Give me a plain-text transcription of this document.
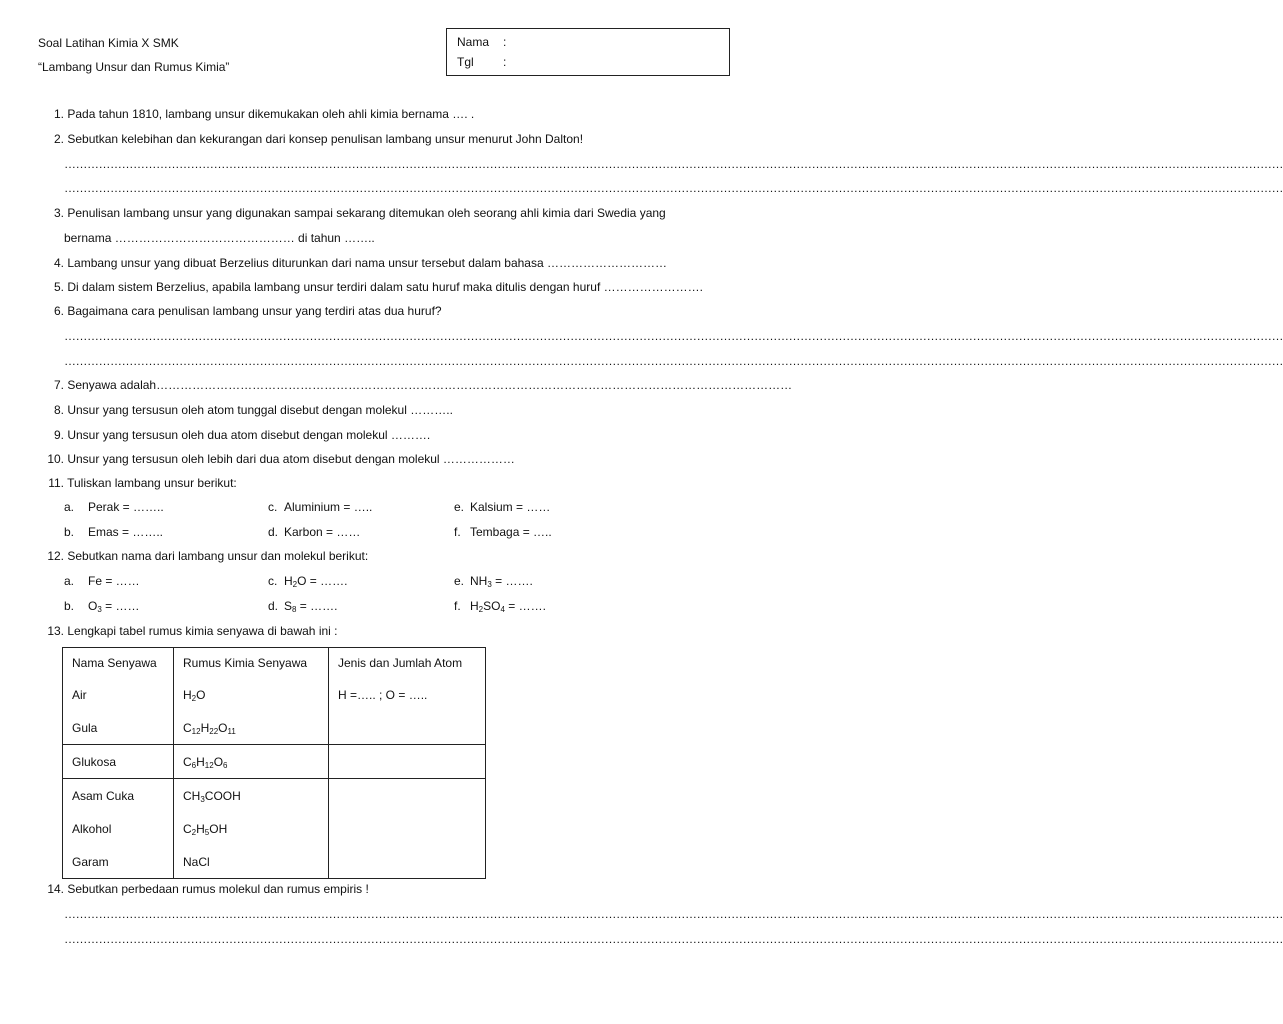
Soal Latihan Kimia X SMK
“Lambang Unsur dan Rumus Kimia”
Nama	:
Tgl	:
1. Pada tahun 1810, lambang unsur dikemukakan oleh ahli kimia bernama …. .
2. Sebutkan kelebihan dan kekurangan dari konsep penulisan lambang unsur menurut John Dalton!
…………………………………………………………………………………………………………………………………………………………………………………………………………………………………………………………………………………………
…………………………………………………………………………………………………………………………………………………………………………………………………………………………………………………………………………………………
3. Penulisan lambang unsur yang digunakan sampai sekarang ditemukan oleh seorang ahli kimia dari Swedia yang
bernama ……………………………………… di tahun ……..
4. Lambang unsur yang dibuat Berzelius diturunkan dari nama unsur tersebut dalam bahasa …………………………
5. Di dalam sistem Berzelius, apabila lambang unsur terdiri dalam satu huruf maka ditulis dengan huruf …………………….
6. Bagaimana cara penulisan lambang unsur yang terdiri atas dua huruf?
…………………………………………………………………………………………………………………………………………………………………………………………………………………………………………………………………………………………
…………………………………………………………………………………………………………………………………………………………………………………………………………………………………………………………………………………………
7. Senyawa adalah……………………………………………………………………………………………………………………………………………
8. Unsur yang tersusun oleh atom tunggal disebut dengan molekul ………..
9. Unsur yang tersusun oleh dua atom disebut dengan molekul ……….
10. Unsur yang tersusun oleh lebih dari dua atom disebut dengan molekul ………………
11. Tuliskan lambang unsur berikut:
a. Perak = ……..
b. Emas = ……..
c. Aluminium = …..
d. Karbon = ……
e. Kalsium = ……
f. Tembaga = …..
12. Sebutkan nama dari lambang unsur dan molekul berikut:
a. Fe = ……
b. $O_3$ = ……
c. $H_2O$ = …….
d. $S_8$ = …….
e. $NH_3$ = …….
f. $H_2SO_4$ = …….
13. Lengkapi tabel rumus kimia senyawa di bawah ini :
Nama Senyawa	Rumus Kimia Senyawa	Jenis dan Jumlah Atom
Air	$H_2O$	H =….. ; O = …..
Gula	$C_{12}H_{22}O_{11}$	
Glukosa	$C_6H_{12}O_6$	
Asam Cuka	$CH_3COOH$	
Alkohol	$C_2H_5OH$	
Garam	NaCl	
14. Sebutkan perbedaan rumus molekul dan rumus empiris !
…………………………………………………………………………………………………………………………………………………………………………………………………………………………………………………………………………………………
…………………………………………………………………………………………………………………………………………………………………………………………………………………………………………………………………………………………
